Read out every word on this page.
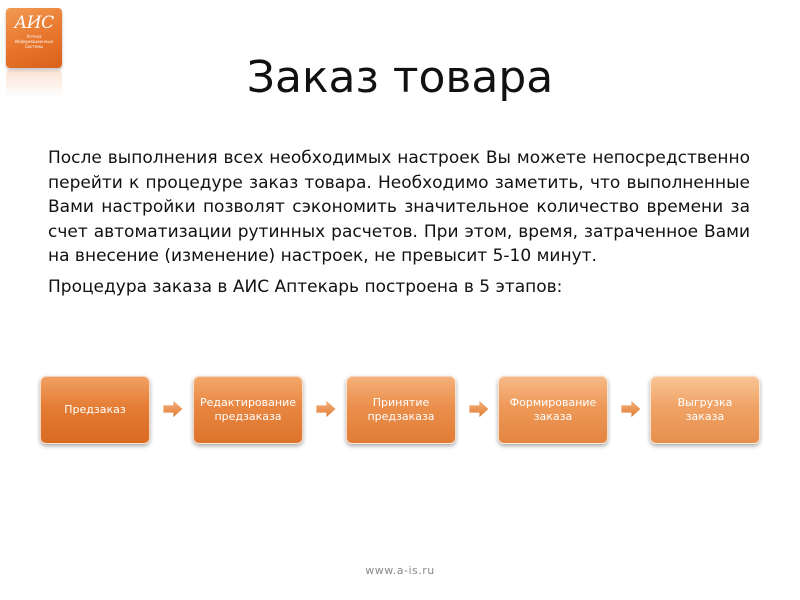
АИС
Аптека Информационные Системы
Заказ товара

После выполнения всех необходимых настроек Вы можете непосредственно перейти к процедуре заказ товара. Необходимо заметить, что выполненные Вами настройки позволят сэкономить значительное количество времени за счет автоматизации рутинных расчетов. При этом, время, затраченное Вами на внесение (изменение) настроек, не превысит 5-10 минут.

Процедура заказа в АИС Аптекарь построена в 5 этапов:

Предзаказ
Редактирование предзаказа
Принятие предзаказа
Формирование заказа
Выгрузка заказа
www.a-is.ru
